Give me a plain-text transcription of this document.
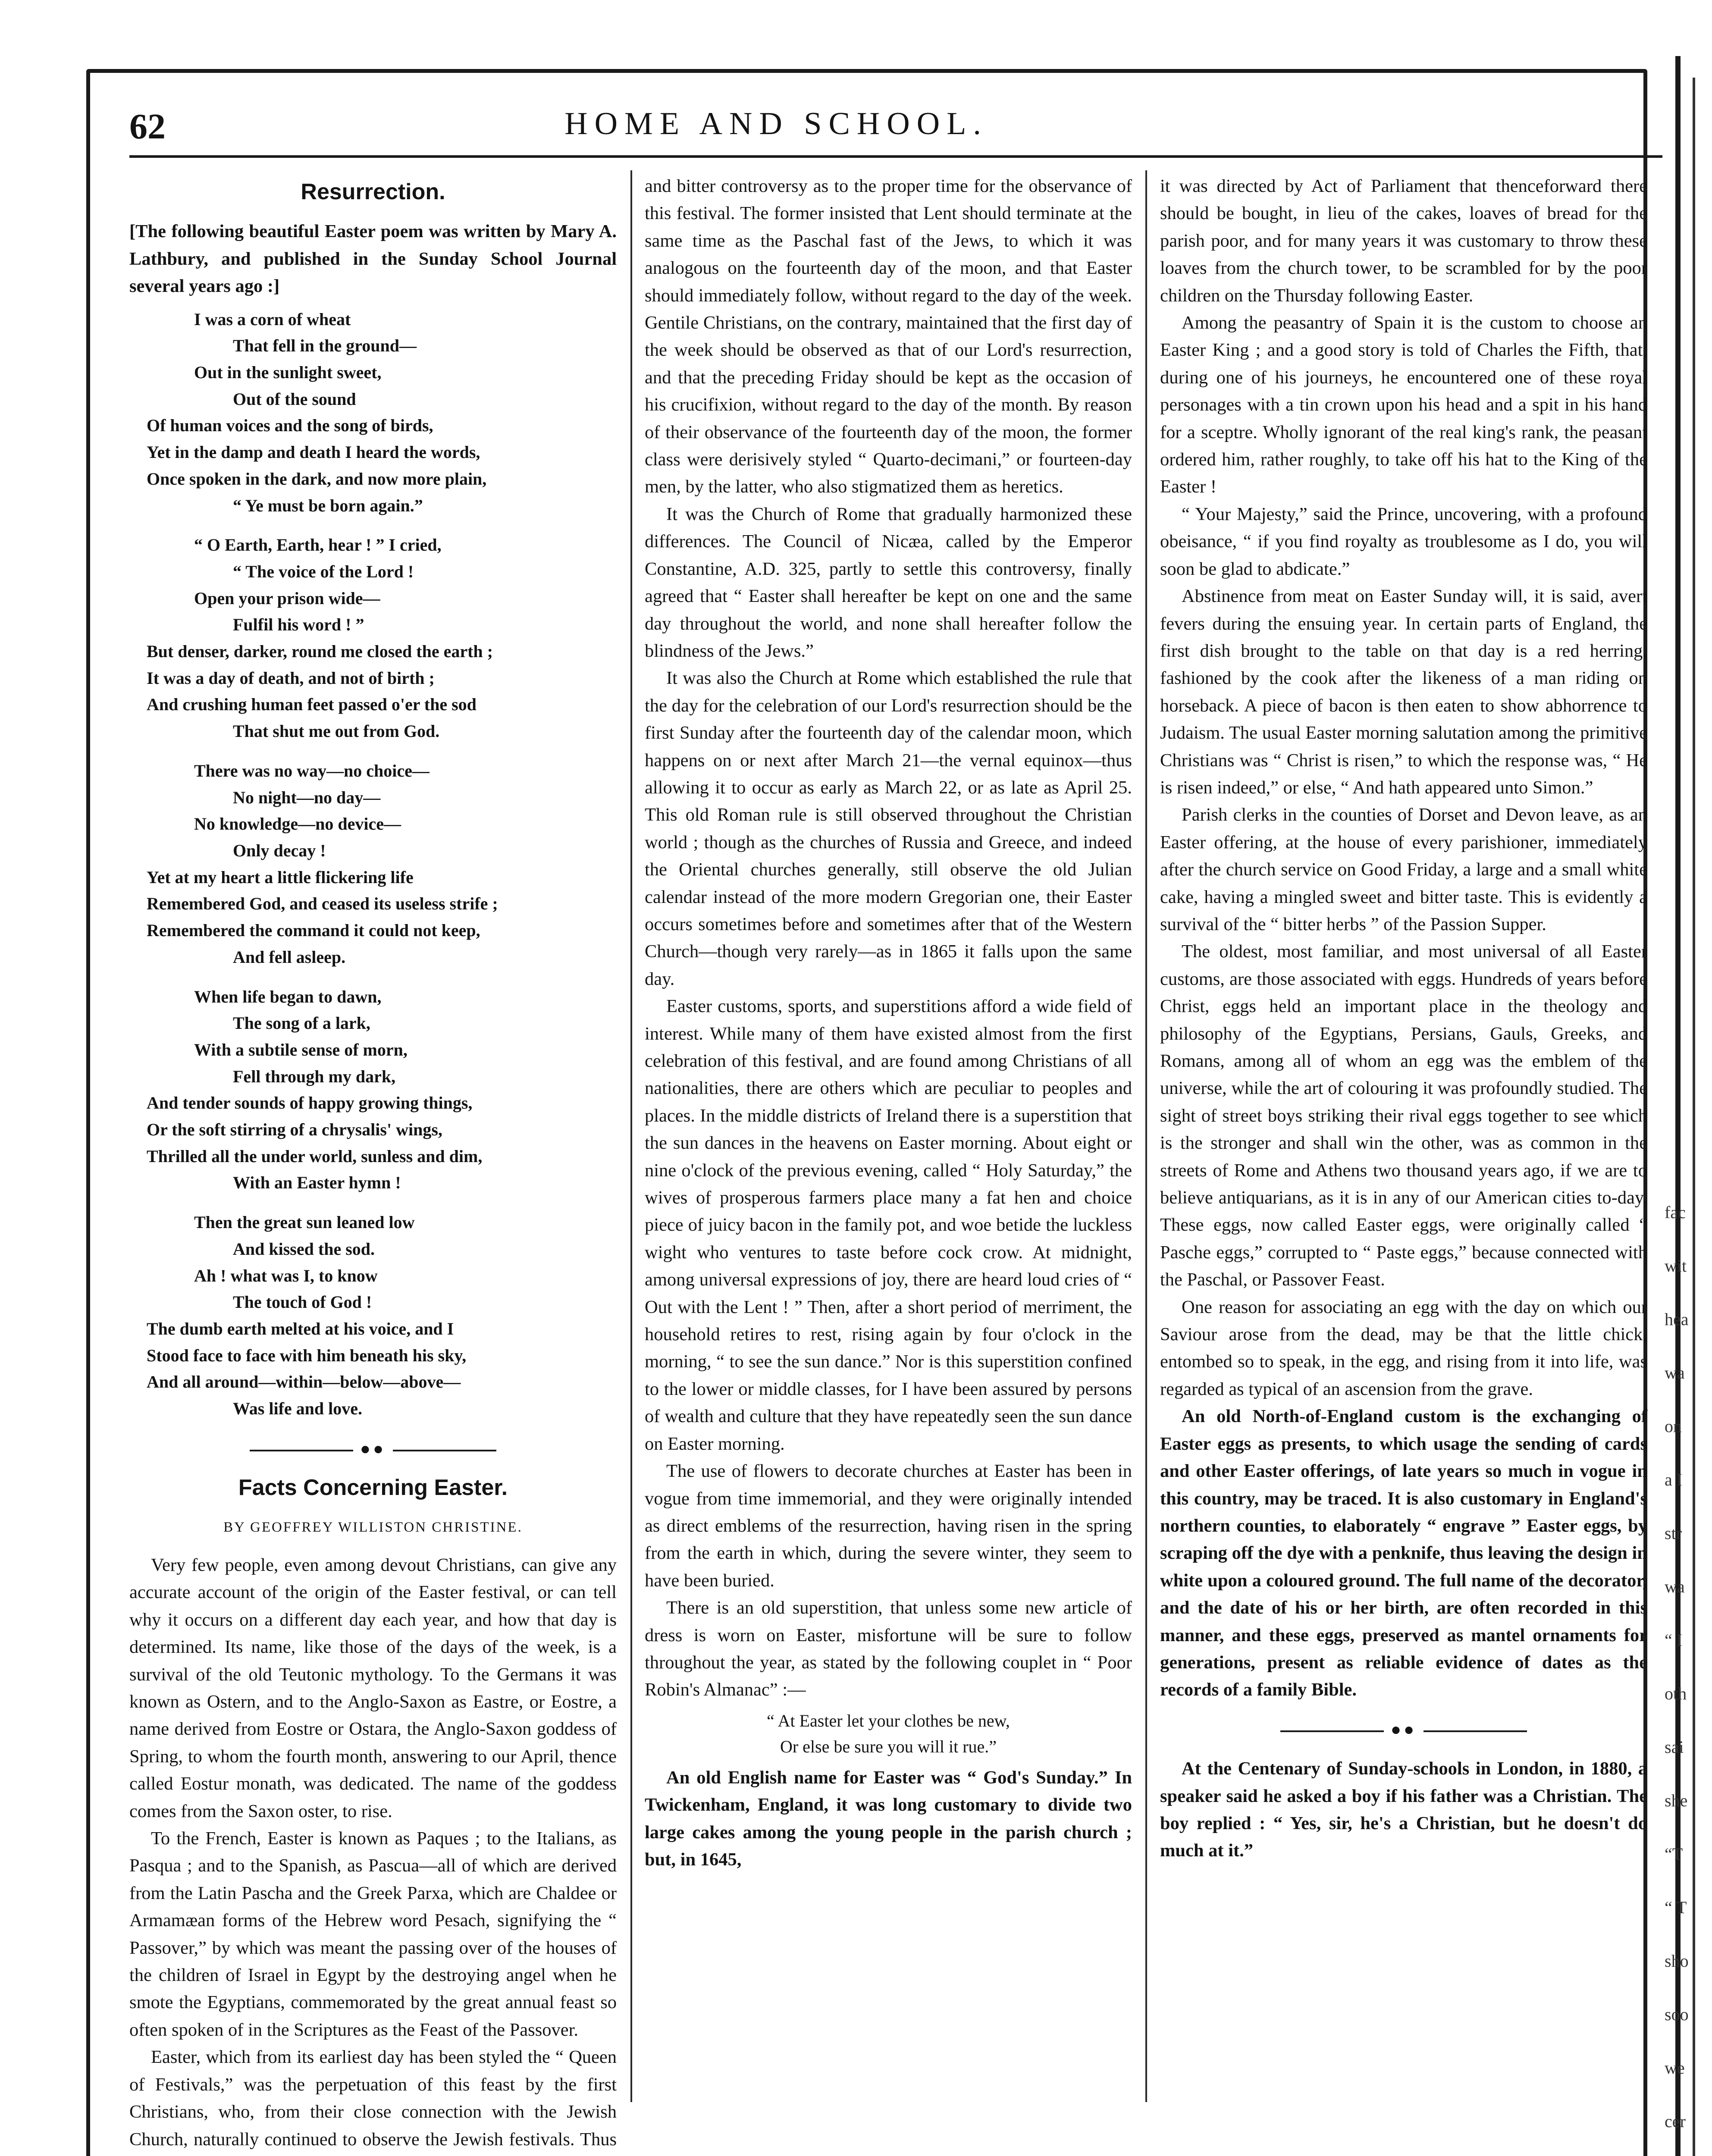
62	HOME AND SCHOOL.
Resurrection.
[The following beautiful Easter poem was written by Mary A. Lathbury, and published in the Sunday School Journal several years ago :]
I was a corn of wheat
That fell in the ground—
Out in the sunlight sweet,
Out of the sound
Of human voices and the song of birds,
Yet in the damp and death I heard the words,
Once spoken in the dark, and now more plain,
“ Ye must be born again.”
“ O Earth, Earth, hear ! ” I cried,
“ The voice of the Lord !
Open your prison wide—
Fulfil his word ! ”
But denser, darker, round me closed the earth ;
It was a day of death, and not of birth ;
And crushing human feet passed o'er the sod
That shut me out from God.
There was no way—no choice—
No night—no day—
No knowledge—no device—
Only decay !
Yet at my heart a little flickering life
Remembered God, and ceased its useless strife ;
Remembered the command it could not keep,
And fell asleep.
When life began to dawn,
The song of a lark,
With a subtile sense of morn,
Fell through my dark,
And tender sounds of happy growing things,
Or the soft stirring of a chrysalis' wings,
Thrilled all the under world, sunless and dim,
With an Easter hymn !
Then the great sun leaned low
And kissed the sod.
Ah ! what was I, to know
The touch of God !
The dumb earth melted at his voice, and I
Stood face to face with him beneath his sky,
And all around—within—below—above—
Was life and love.
●●
Facts Concerning Easter.
BY GEOFFREY WILLISTON CHRISTINE.

Very few people, even among devout Christians, can give any accurate account of the origin of the Easter festival, or can tell why it occurs on a different day each year, and how that day is determined. Its name, like those of the days of the week, is a survival of the old Teutonic mythology. To the Germans it was known as Ostern, and to the Anglo-Saxon as Eastre, or Eostre, a name derived from Eostre or Ostara, the Anglo-Saxon goddess of Spring, to whom the fourth month, answering to our April, thence called Eostur monath, was dedicated. The name of the goddess comes from the Saxon oster, to rise.

To the French, Easter is known as Paques ; to the Italians, as Pasqua ; and to the Spanish, as Pascua—all of which are derived from the Latin Pascha and the Greek Parxa, which are Chaldee or Armamæan forms of the Hebrew word Pesach, signifying the “ Passover,” by which was meant the passing over of the houses of the children of Israel in Egypt by the destroying angel when he smote the Egyptians, commemorated by the great annual feast so often spoken of in the Scriptures as the Feast of the Passover.

Easter, which from its earliest day has been styled the “ Queen of Festivals,” was the perpetuation of this feast by the first Christians, who, from their close connection with the Jewish Church, naturally continued to observe the Jewish festivals. Thus

and bitter controversy as to the proper time for the observance of this festival. The former insisted that Lent should terminate at the same time as the Paschal fast of the Jews, to which it was analogous on the fourteenth day of the moon, and that Easter should immediately follow, without regard to the day of the week. Gentile Christians, on the contrary, maintained that the first day of the week should be observed as that of our Lord's resurrection, and that the preceding Friday should be kept as the occasion of his crucifixion, without regard to the day of the month. By reason of their observance of the fourteenth day of the moon, the former class were derisively styled “ Quarto-decimani,” or fourteen-day men, by the latter, who also stigmatized them as heretics.

It was the Church of Rome that gradually harmonized these differences. The Council of Nicæa, called by the Emperor Constantine, A.D. 325, partly to settle this controversy, finally agreed that “ Easter shall hereafter be kept on one and the same day throughout the world, and none shall hereafter follow the blindness of the Jews.”

It was also the Church at Rome which established the rule that the day for the celebration of our Lord's resurrection should be the first Sunday after the fourteenth day of the calendar moon, which happens on or next after March 21—the vernal equinox—thus allowing it to occur as early as March 22, or as late as April 25. This old Roman rule is still observed throughout the Christian world ; though as the churches of Russia and Greece, and indeed the Oriental churches generally, still observe the old Julian calendar instead of the more modern Gregorian one, their Easter occurs sometimes before and sometimes after that of the Western Church—though very rarely—as in 1865 it falls upon the same day.

Easter customs, sports, and superstitions afford a wide field of interest. While many of them have existed almost from the first celebration of this festival, and are found among Christians of all nationalities, there are others which are peculiar to peoples and places. In the middle districts of Ireland there is a superstition that the sun dances in the heavens on Easter morning. About eight or nine o'clock of the previous evening, called “ Holy Saturday,” the wives of prosperous farmers place many a fat hen and choice piece of juicy bacon in the family pot, and woe betide the luckless wight who ventures to taste before cock crow. At midnight, among universal expressions of joy, there are heard loud cries of “ Out with the Lent ! ” Then, after a short period of merriment, the household retires to rest, rising again by four o'clock in the morning, “ to see the sun dance.” Nor is this superstition confined to the lower or middle classes, for I have been assured by persons of wealth and culture that they have repeatedly seen the sun dance on Easter morning.

The use of flowers to decorate churches at Easter has been in vogue from time immemorial, and they were originally intended as direct emblems of the resurrection, having risen in the spring from the earth in which, during the severe winter, they seem to have been buried.

There is an old superstition, that unless some new article of dress is worn on Easter, misfortune will be sure to follow throughout the year, as stated by the following couplet in “ Poor Robin's Almanac” :—

“ At Easter let your clothes be new,
Or else be sure you will it rue.”

An old English name for Easter was “ God's Sunday.” In Twickenham, England, it was long customary to divide two large cakes among the young people in the parish church ; but, in 1645,

it was directed by Act of Parliament that thenceforward there should be bought, in lieu of the cakes, loaves of bread for the parish poor, and for many years it was customary to throw these loaves from the church tower, to be scrambled for by the poor children on the Thursday following Easter.

Among the peasantry of Spain it is the custom to choose an Easter King ; and a good story is told of Charles the Fifth, that, during one of his journeys, he encountered one of these royal personages with a tin crown upon his head and a spit in his hand for a sceptre. Wholly ignorant of the real king's rank, the peasant ordered him, rather roughly, to take off his hat to the King of the Easter !

“ Your Majesty,” said the Prince, uncovering, with a profound obeisance, “ if you find royalty as troublesome as I do, you will soon be glad to abdicate.”

Abstinence from meat on Easter Sunday will, it is said, avert fevers during the ensuing year. In certain parts of England, the first dish brought to the table on that day is a red herring, fashioned by the cook after the likeness of a man riding on horseback. A piece of bacon is then eaten to show abhorrence to Judaism. The usual Easter morning salutation among the primitive Christians was “ Christ is risen,” to which the response was, “ He is risen indeed,” or else, “ And hath appeared unto Simon.”

Parish clerks in the counties of Dorset and Devon leave, as an Easter offering, at the house of every parishioner, immediately after the church service on Good Friday, a large and a small white cake, having a mingled sweet and bitter taste. This is evidently a survival of the “ bitter herbs ” of the Passion Supper.

The oldest, most familiar, and most universal of all Easter customs, are those associated with eggs. Hundreds of years before Christ, eggs held an important place in the theology and philosophy of the Egyptians, Persians, Gauls, Greeks, and Romans, among all of whom an egg was the emblem of the universe, while the art of colouring it was profoundly studied. The sight of street boys striking their rival eggs together to see which is the stronger and shall win the other, was as common in the streets of Rome and Athens two thousand years ago, if we are to believe antiquarians, as it is in any of our American cities to-day. These eggs, now called Easter eggs, were originally called “ Pasche eggs,” corrupted to “ Paste eggs,” because connected with the Paschal, or Passover Feast.

One reason for associating an egg with the day on which our Saviour arose from the dead, may be that the little chick, entombed so to speak, in the egg, and rising from it into life, was regarded as typical of an ascension from the grave.

An old North-of-England custom is the exchanging of Easter eggs as presents, to which usage the sending of cards and other Easter offerings, of late years so much in vogue in this country, may be traced. It is also customary in England's northern counties, to elaborately “ engrave ” Easter eggs, by scraping off the dye with a penknife, thus leaving the design in white upon a coloured ground. The full name of the decorator, and the date of his or her birth, are often recorded in this manner, and these eggs, preserved as mantel ornaments for generations, present as reliable evidence of dates as the records of a family Bible.

●●

At the Centenary of Sunday-schools in London, in 1880, a speaker said he asked a boy if his father was a Christian. The boy replied : “ Yes, sir, he's a Christian, but he doesn't do much at it.”

fac
wit
hea
wa
on
a I
str
wa
“ I
oth
sai
she
“T
“ T
sho
soo
we
cer
